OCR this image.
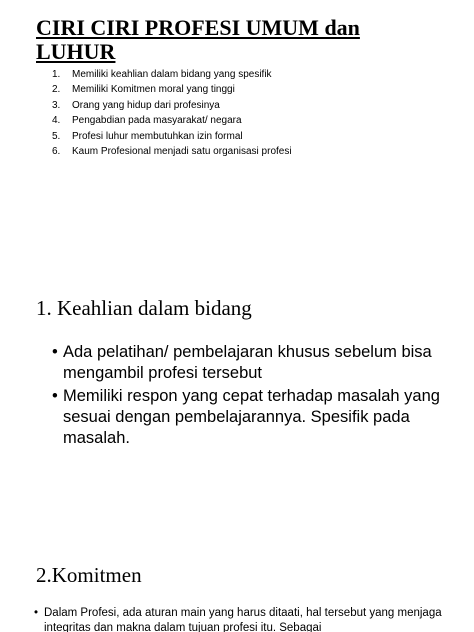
CIRI CIRI PROFESI UMUM dan LUHUR
1.	Memiliki keahlian dalam bidang yang spesifik
2.	Memiliki Komitmen moral yang tinggi
3.	Orang yang hidup dari profesinya
4.	Pengabdian pada masyarakat/ negara
5.	Profesi luhur membutuhkan izin formal
6.	Kaum Profesional menjadi satu organisasi profesi
1. Keahlian dalam bidang
• Ada pelatihan/ pembelajaran khusus sebelum bisa mengambil profesi tersebut
• Memiliki respon yang cepat terhadap masalah yang sesuai dengan pembelajarannya. Spesifik pada masalah.
2.Komitmen
• Dalam Profesi, ada aturan main yang harus ditaati, hal tersebut yang menjaga integritas dan makna dalam tujuan profesi itu. Sebagai
